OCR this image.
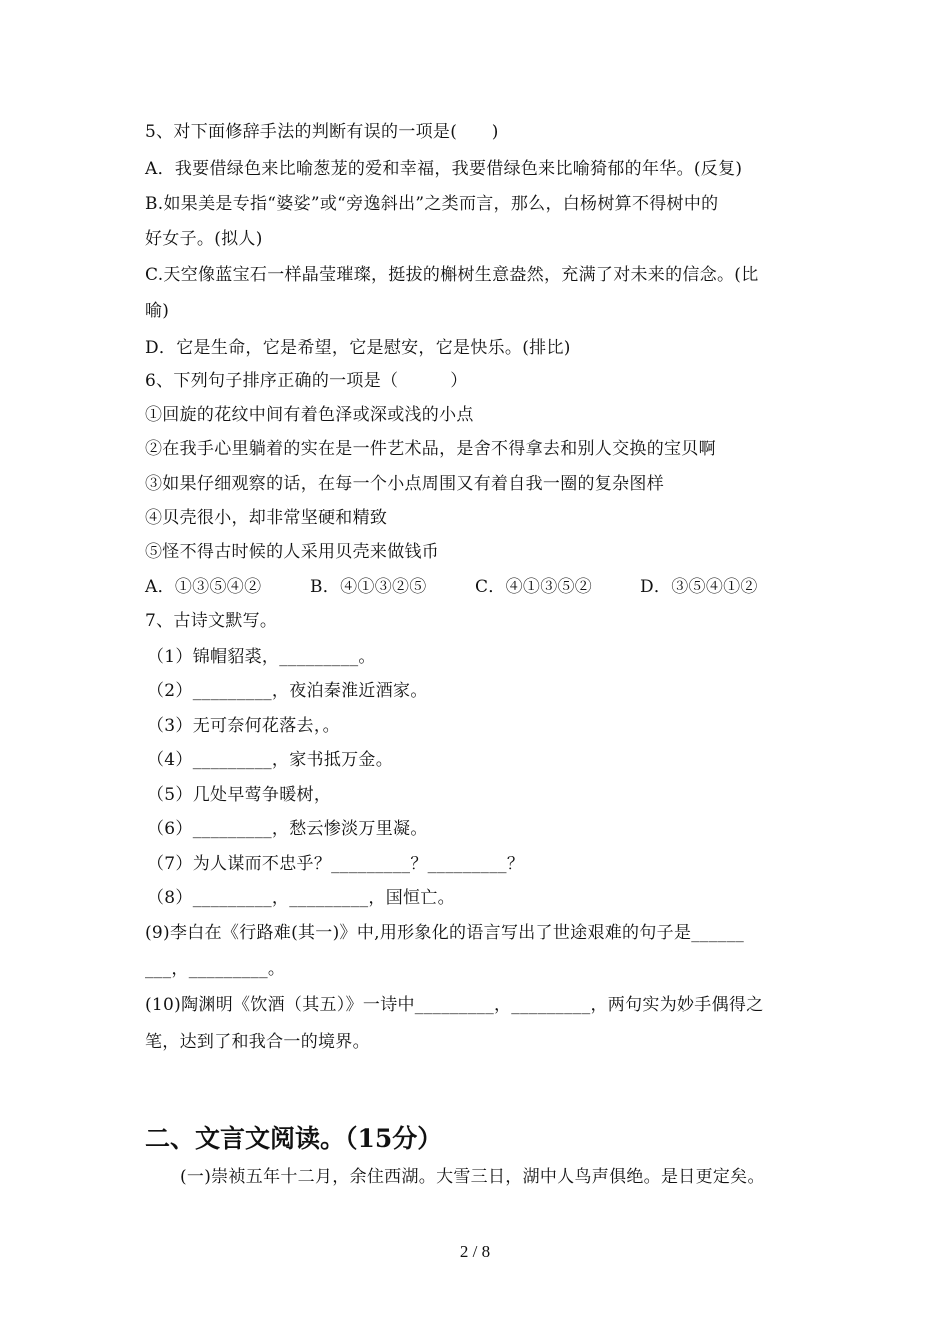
5、对下面修辞手法的判断有误的一项是(　　)
A．我要借绿色来比喻葱茏的爱和幸福，我要借绿色来比喻猗郁的年华。(反复)
B.如果美是专指“婆娑”或“旁逸斜出”之类而言，那么，白杨树算不得树中的
好女子。(拟人)
C.天空像蓝宝石一样晶莹璀璨，挺拔的槲树生意盎然，充满了对未来的信念。(比
喻)
D．它是生命，它是希望，它是慰安，它是快乐。(排比)
6、下列句子排序正确的一项是（　　　）
①回旋的花纹中间有着色泽或深或浅的小点
②在我手心里躺着的实在是一件艺术品，是舍不得拿去和别人交换的宝贝啊
③如果仔细观察的话，在每一个小点周围又有着自我一圈的复杂图样
④贝壳很小，却非常坚硬和精致
⑤怪不得古时候的人采用贝壳来做钱币
A．①③⑤④②	B．④①③②⑤	C．④①③⑤②	D．③⑤④①②
7、古诗文默写。
（1）锦帽貂裘，_________。
（2）_________，夜泊秦淮近酒家。
（3）无可奈何花落去，。
（4）_________，家书抵万金。
（5）几处早莺争暖树，
（6）_________，愁云惨淡万里凝。
（7）为人谋而不忠乎？_________？_________？
（8）_________，_________，国恒亡。
(9)李白在《行路难(其一)》中,用形象化的语言写出了世途艰难的句子是______
___，_________。
(10)陶渊明《饮酒（其五）》一诗中_________，_________，两句实为妙手偶得之
笔，达到了和我合一的境界。
二、文言文阅读。（15分）
(一)崇祯五年十二月，余住西湖。大雪三日，湖中人鸟声俱绝。是日更定矣。
2 / 8
